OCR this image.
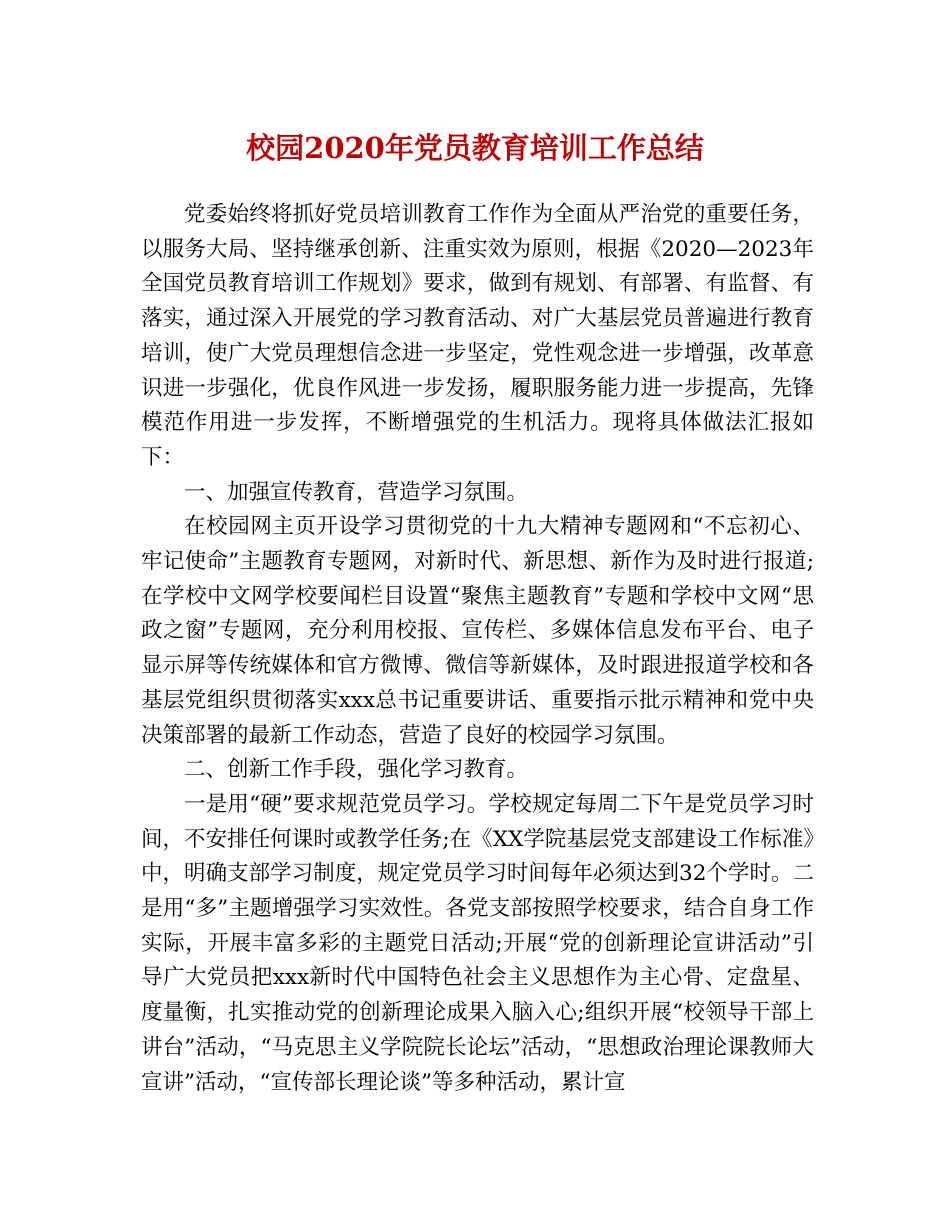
校园2020年党员教育培训工作总结

党委始终将抓好党员培训教育工作作为全面从严治党的重要任务，以服务大局、坚持继承创新、注重实效为原则，根据《2020—2023年全国党员教育培训工作规划》要求，做到有规划、有部署、有监督、有落实，通过深入开展党的学习教育活动、对广大基层党员普遍进行教育培训，使广大党员理想信念进一步坚定，党性观念进一步增强，改革意识进一步强化，优良作风进一步发扬，履职服务能力进一步提高，先锋模范作用进一步发挥，不断增强党的生机活力。现将具体做法汇报如下：

一、加强宣传教育，营造学习氛围。

在校园网主页开设学习贯彻党的十九大精神专题网和“不忘初心、牢记使命”主题教育专题网，对新时代、新思想、新作为及时进行报道;在学校中文网学校要闻栏目设置“聚焦主题教育”专题和学校中文网“思政之窗”专题网，充分利用校报、宣传栏、多媒体信息发布平台、电子显示屏等传统媒体和官方微博、微信等新媒体，及时跟进报道学校和各基层党组织贯彻落实xxx总书记重要讲话、重要指示批示精神和党中央决策部署的最新工作动态，营造了良好的校园学习氛围。

二、创新工作手段，强化学习教育。

一是用“硬”要求规范党员学习。学校规定每周二下午是党员学习时间，不安排任何课时或教学任务;在《XX学院基层党支部建设工作标准》中，明确支部学习制度，规定党员学习时间每年必须达到32个学时。二是用“多”主题增强学习实效性。各党支部按照学校要求，结合自身工作实际，开展丰富多彩的主题党日活动;开展“党的创新理论宣讲活动”引导广大党员把xxx新时代中国特色社会主义思想作为主心骨、定盘星、度量衡，扎实推动党的创新理论成果入脑入心;组织开展“校领导干部上讲台”活动，“马克思主义学院院长论坛”活动，“思想政治理论课教师大宣讲”活动，“宣传部长理论谈”等多种活动，累计宣
